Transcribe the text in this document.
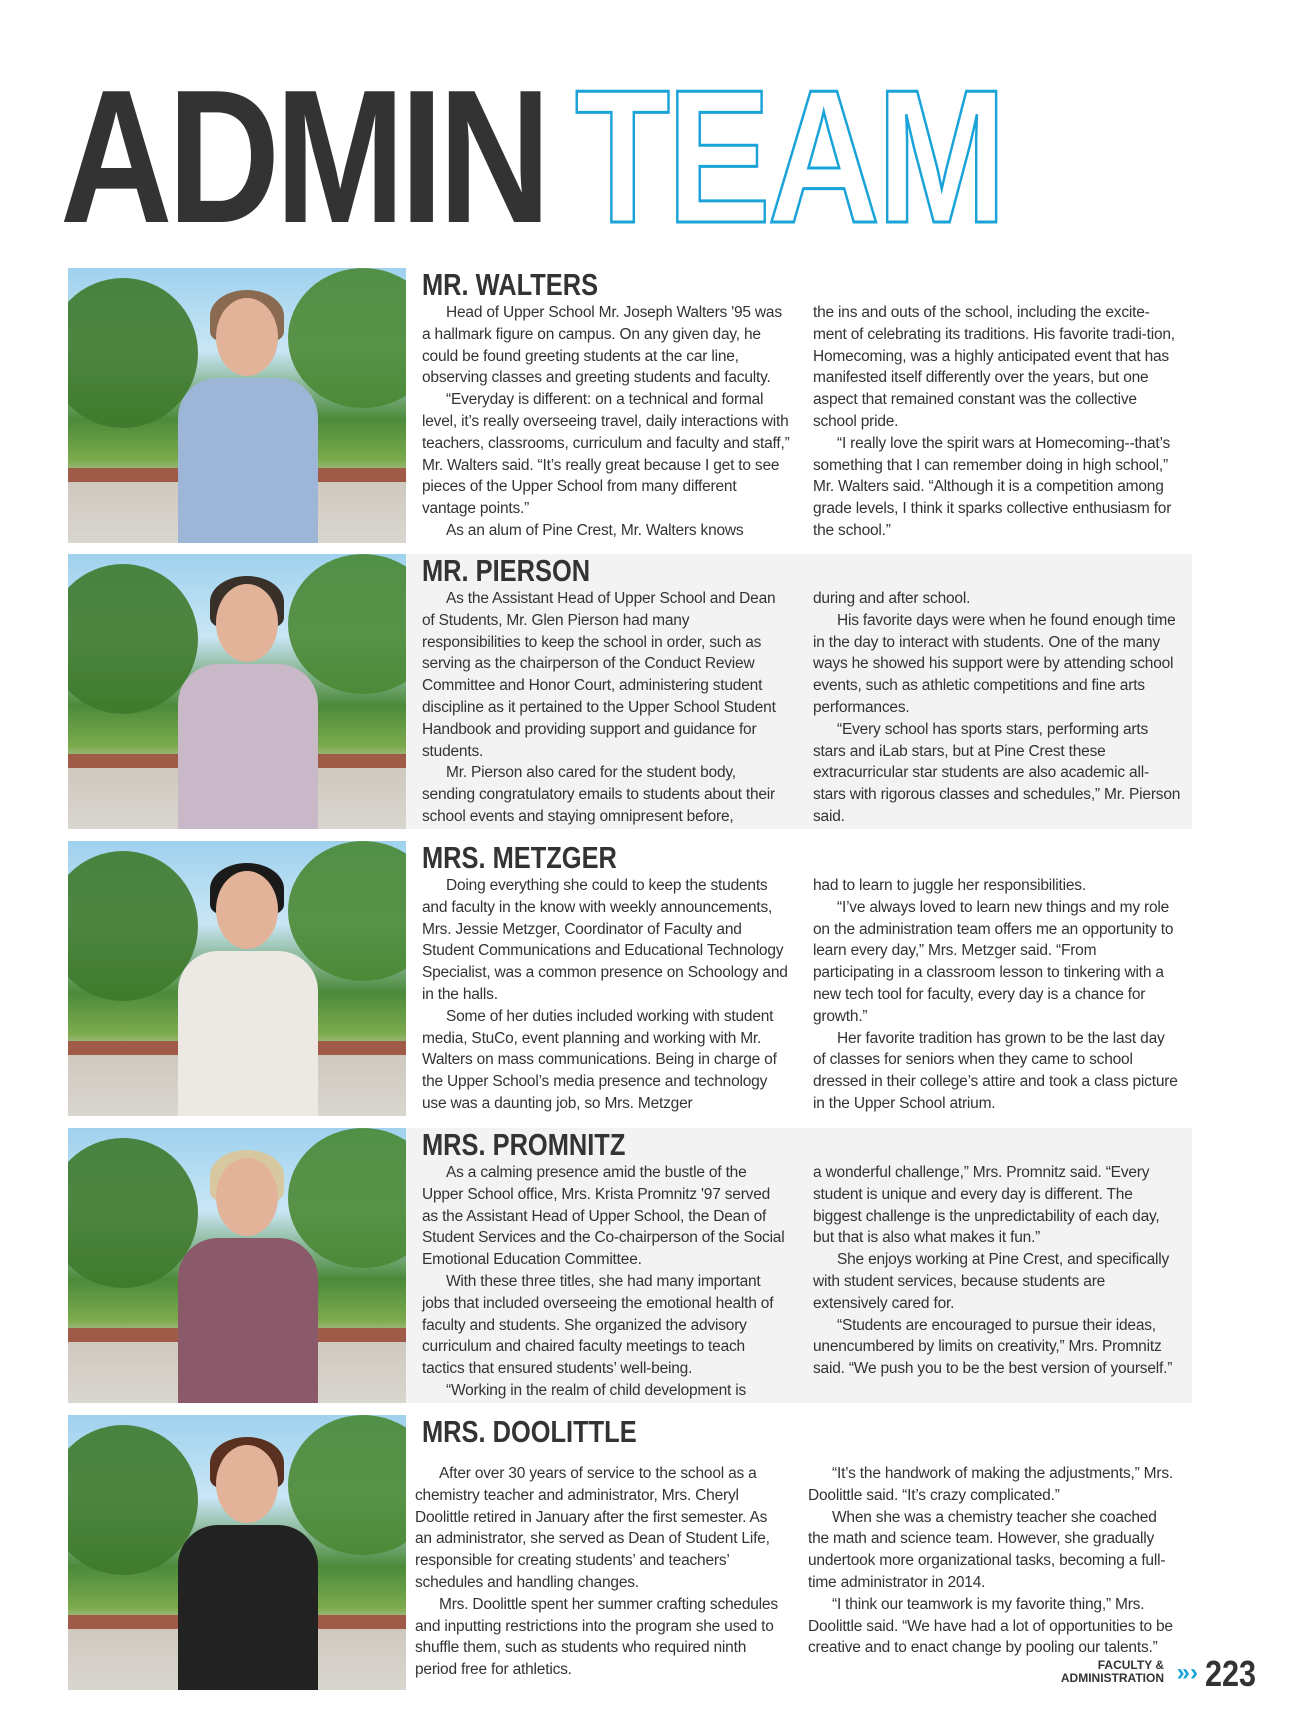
ADMIN TEAM
MR. WALTERS

Head of Upper School Mr. Joseph Walters '95 was a hallmark figure on campus. On any given day, he could be found greeting students at the car line, observing classes and greeting students and faculty.

“Everyday is different: on a technical and formal level, it’s really overseeing travel, daily interactions with teachers, classrooms, curriculum and faculty and staff,” Mr. Walters said. “It’s really great because I get to see pieces of the Upper School from many different vantage points.”

As an alum of Pine Crest, Mr. Walters knows

the ins and outs of the school, including the excite-ment of celebrating its traditions. His favorite tradi-tion, Homecoming, was a highly anticipated event that has manifested itself differently over the years, but one aspect that remained constant was the collective school pride.

“I really love the spirit wars at Homecoming--that’s something that I can remember doing in high school,” Mr. Walters said. “Although it is a competition among grade levels, I think it sparks collective enthusiasm for the school.”

MR. PIERSON

As the Assistant Head of Upper School and Dean of Students, Mr. Glen Pierson had many responsibilities to keep the school in order, such as serving as the chairperson of the Conduct Review Committee and Honor Court, administering student discipline as it pertained to the Upper School Student Handbook and providing support and guidance for students.

Mr. Pierson also cared for the student body, sending congratulatory emails to students about their school events and staying omnipresent before,

during and after school.

His favorite days were when he found enough time in the day to interact with students. One of the many ways he showed his support were by attending school events, such as athletic competitions and fine arts performances.

“Every school has sports stars, performing arts stars and iLab stars, but at Pine Crest these extracurricular star students are also academic all-stars with rigorous classes and schedules,” Mr. Pierson said.

MRS. METZGER

Doing everything she could to keep the students and faculty in the know with weekly announcements, Mrs. Jessie Metzger, Coordinator of Faculty and Student Communications and Educational Technology Specialist, was a common presence on Schoology and in the halls.

Some of her duties included working with student media, StuCo, event planning and working with Mr. Walters on mass communications. Being in charge of the Upper School’s media presence and technology use was a daunting job, so Mrs. Metzger

had to learn to juggle her responsibilities.

“I’ve always loved to learn new things and my role on the administration team offers me an opportunity to learn every day,” Mrs. Metzger said. “From participating in a classroom lesson to tinkering with a new tech tool for faculty, every day is a chance for growth.”

Her favorite tradition has grown to be the last day of classes for seniors when they came to school dressed in their college’s attire and took a class picture in the Upper School atrium.

MRS. PROMNITZ

As a calming presence amid the bustle of the Upper School office, Mrs. Krista Promnitz '97 served as the Assistant Head of Upper School, the Dean of Student Services and the Co-chairperson of the Social Emotional Education Committee.

With these three titles, she had many important jobs that included overseeing the emotional health of faculty and students. She organized the advisory curriculum and chaired faculty meetings to teach tactics that ensured students’ well-being.

“Working in the realm of child development is

a wonderful challenge,” Mrs. Promnitz said. “Every student is unique and every day is different. The biggest challenge is the unpredictability of each day, but that is also what makes it fun.”

She enjoys working at Pine Crest, and specifically with student services, because students are extensively cared for.

“Students are encouraged to pursue their ideas, unencumbered by limits on creativity,” Mrs. Promnitz said. “We push you to be the best version of yourself.”

MRS. DOOLITTLE

After over 30 years of service to the school as a chemistry teacher and administrator, Mrs. Cheryl Doolittle retired in January after the first semester. As an administrator, she served as Dean of Student Life, responsible for creating students’ and teachers’ schedules and handling changes.

Mrs. Doolittle spent her summer crafting schedules and inputting restrictions into the program she used to shuffle them, such as students who required ninth period free for athletics.

“It’s the handwork of making the adjustments,” Mrs. Doolittle said. “It’s crazy complicated.”

When she was a chemistry teacher she coached the math and science team. However, she gradually undertook more organizational tasks, becoming a full-time administrator in 2014.

“I think our teamwork is my favorite thing,” Mrs. Doolittle said. “We have had a lot of opportunities to be creative and to enact change by pooling our talents.”

FACULTY &
ADMINISTRATION »› 223
